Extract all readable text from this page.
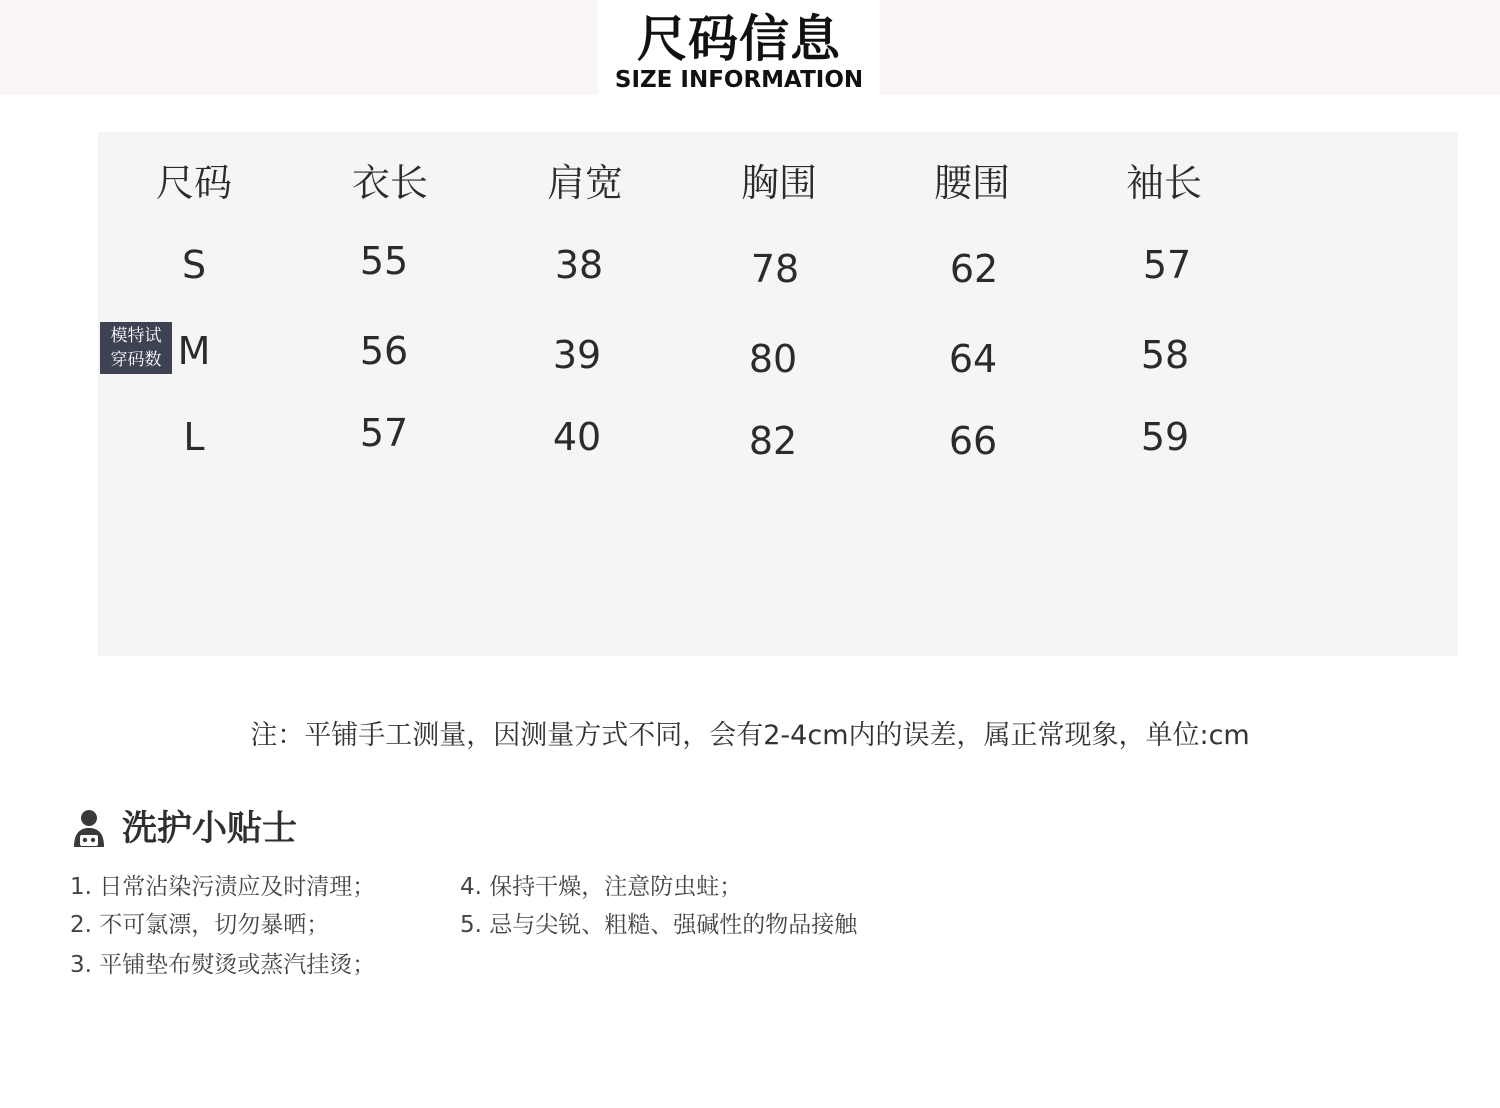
尺码信息
SIZE INFORMATION
尺码	衣长	肩宽	胸围	腰围	袖长
S	55	38	78	62	57
模特试
穿码数 M	56	39	80	64	58
L	57	40	82	66	59
注：平铺手工测量，因测量方式不同，会有2-4cm内的误差，属正常现象，单位:cm
洗护小贴士
1. 日常沾染污渍应及时清理；
2. 不可氯漂，切勿暴晒；
3. 平铺垫布熨烫或蒸汽挂烫；
4. 保持干燥，注意防虫蛀；
5. 忌与尖锐、粗糙、强碱性的物品接触
